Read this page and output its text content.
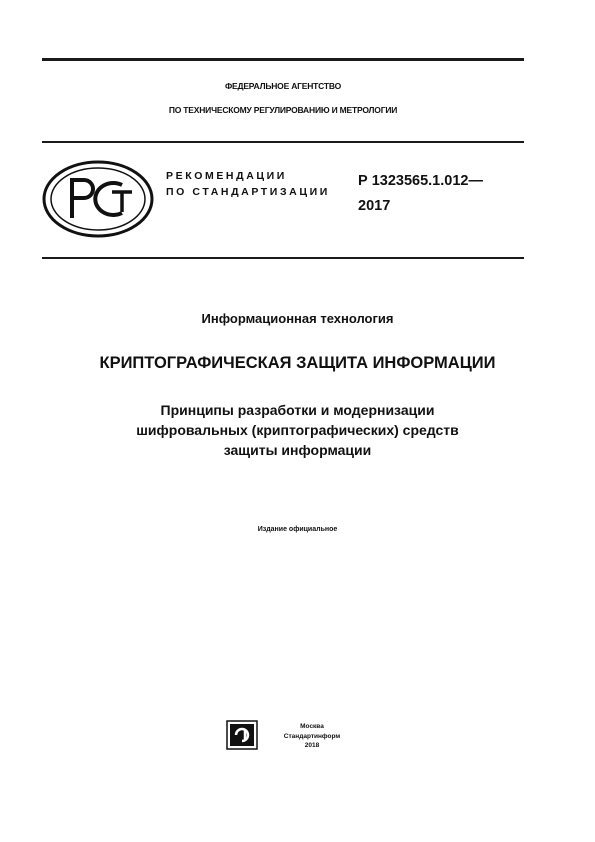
ФЕДЕРАЛЬНОЕ АГЕНТСТВО
ПО ТЕХНИЧЕСКОМУ РЕГУЛИРОВАНИЮ И МЕТРОЛОГИИ
РЕКОМЕНДАЦИИ
ПО СТАНДАРТИЗАЦИИ
Р 1323565.1.012—
2017
Информационная технология
КРИПТОГРАФИЧЕСКАЯ ЗАЩИТА ИНФОРМАЦИИ
Принципы разработки и модернизации
шифровальных (криптографических) средств
защиты информации
Издание официальное
Москва
Стандартинформ
2018
